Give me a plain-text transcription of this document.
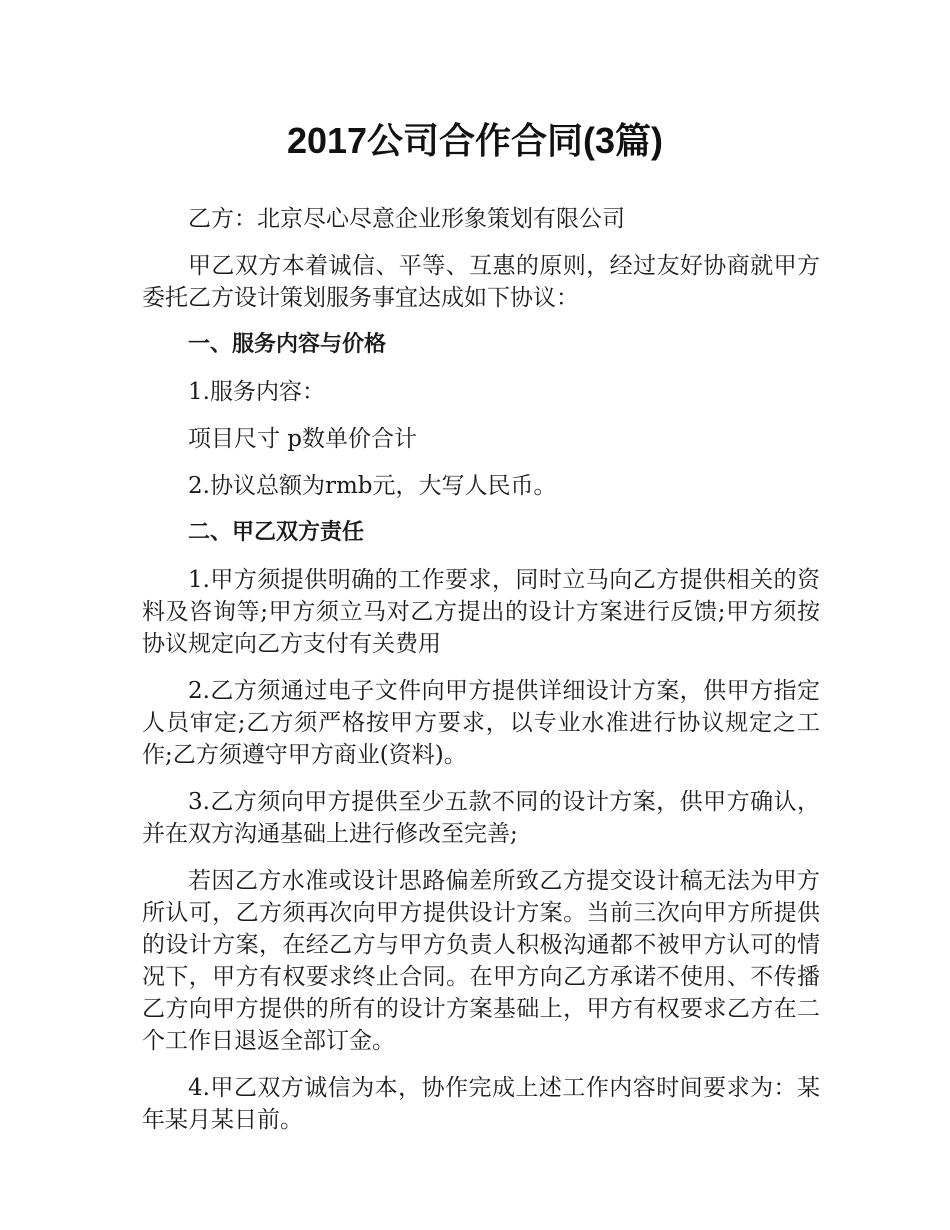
2017公司合作合同(3篇)

乙方：北京尽心尽意企业形象策划有限公司

甲乙双方本着诚信、平等、互惠的原则，经过友好协商就甲方委托乙方设计策划服务事宜达成如下协议：

一、服务内容与价格

1.服务内容：

项目尺寸 p数单价合计

2.协议总额为rmb元，大写人民币。

二、甲乙双方责任

1.甲方须提供明确的工作要求，同时立马向乙方提供相关的资料及咨询等;甲方须立马对乙方提出的设计方案进行反馈;甲方须按协议规定向乙方支付有关费用

2.乙方须通过电子文件向甲方提供详细设计方案，供甲方指定人员审定;乙方须严格按甲方要求，以专业水准进行协议规定之工作;乙方须遵守甲方商业(资料)。

3.乙方须向甲方提供至少五款不同的设计方案，供甲方确认，并在双方沟通基础上进行修改至完善;

若因乙方水准或设计思路偏差所致乙方提交设计稿无法为甲方所认可，乙方须再次向甲方提供设计方案。当前三次向甲方所提供的设计方案，在经乙方与甲方负责人积极沟通都不被甲方认可的情况下，甲方有权要求终止合同。在甲方向乙方承诺不使用、不传播乙方向甲方提供的所有的设计方案基础上，甲方有权要求乙方在二个工作日退返全部订金。

4.甲乙双方诚信为本，协作完成上述工作内容时间要求为：某年某月某日前。
